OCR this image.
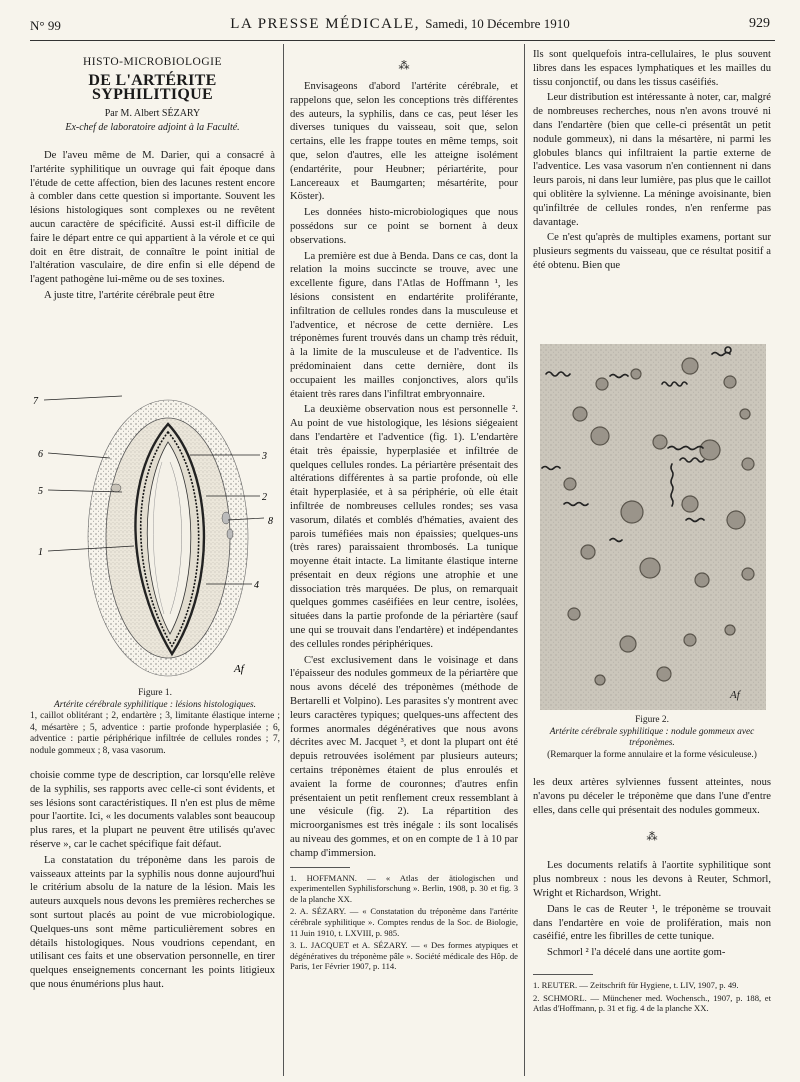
N° 99	LA PRESSE MÉDICALE, Samedi, 10 Décembre 1910	929
HISTO-MICROBIOLOGIE
DE L'ARTÉRITE SYPHILITIQUE
Par M. Albert SÉZARY
Ex-chef de laboratoire adjoint à la Faculté.

De l'aveu même de M. Darier, qui a consacré à l'artérite syphilitique un ouvrage qui fait époque dans l'étude de cette affection, bien des lacunes restent encore à combler dans cette question si importante. Souvent les lésions histologiques sont complexes ou ne revêtent aucun caractère de spécificité. Aussi est-il difficile de faire le départ entre ce qui appartient à la vérole et ce qui doit en être distrait, de connaître le point initial de l'altération vasculaire, de dire enfin si elle dépend de l'agent pathogène lui-même ou de ses toxines.

A juste titre, l'artérite cérébrale peut être

7
6
5
1
3
2
8
4
Af
Figure 1.
Artérite cérébrale syphilitique : lésions histologiques.
1, caillot oblitérant ; 2, endartère ; 3, limitante élastique interne ; 4, mésartère ; 5, adventice : partie profonde hyperplasiée ; 6, adventice : partie périphérique infiltrée de cellules rondes ; 7, nodule gommeux ; 8, vasa vasorum.

choisie comme type de description, car lorsqu'elle relève de la syphilis, ses rapports avec celle-ci sont évidents, et ses lésions sont caractéristiques. Il n'en est plus de même pour l'aortite. Ici, « les documents valables sont beaucoup plus rares, et la plupart ne peuvent être utilisés qu'avec réserve », car le cachet spécifique fait défaut.

La constatation du tréponème dans les parois de vaisseaux atteints par la syphilis nous donne aujourd'hui le critérium absolu de la nature de la lésion. Mais les auteurs auxquels nous devons les premières recherches se sont surtout placés au point de vue microbiologique. Quelques-uns sont même particulièrement sobres en détails histologiques. Nous voudrions cependant, en utilisant ces faits et une observation personnelle, en tirer quelques enseignements concernant les points litigieux que nous énumérions plus haut.

⁂

Envisageons d'abord l'artérite cérébrale, et rappelons que, selon les conceptions très différentes des auteurs, la syphilis, dans ce cas, peut léser les diverses tuniques du vaisseau, soit que, selon certains, elle les frappe toutes en même temps, soit que, selon d'autres, elle les atteigne isolément (endartérite, pour Heubner; périartérite, pour Lancereaux et Baumgarten; mésartérite, pour Köster).

Les données histo-microbiologiques que nous possédons sur ce point se bornent à deux observations.

La première est due à Benda. Dans ce cas, dont la relation la moins succincte se trouve, avec une excellente figure, dans l'Atlas de Hoffmann ¹, les lésions consistent en endartérite proliférante, infiltration de cellules rondes dans la musculeuse et l'adventice, et nécrose de cette dernière. Les tréponèmes furent trouvés dans un champ très réduit, à la limite de la musculeuse et de l'adventice. Ils prédominaient dans cette dernière, dont ils occupaient les mailles conjonctives, alors qu'ils étaient très rares dans l'infiltrat embryonnaire.

La deuxième observation nous est personnelle ². Au point de vue histologique, les lésions siégeaient dans l'endartère et l'adventice (fig. 1). L'endartère était très épaissie, hyperplasiée et infiltrée de quelques cellules rondes. La périartère présentait des altérations différentes à sa partie profonde, où elle était hyperplasiée, et à sa périphérie, où elle était infiltrée de nombreuses cellules rondes; ses vasa vasorum, dilatés et comblés d'hématies, avaient des parois tuméfiées mais non épaissies; quelques-uns (très rares) paraissaient thrombosés. La tunique moyenne était intacte. La limitante élastique interne présentait en deux régions une atrophie et une dissociation très marquées. De plus, on remarquait quelques gommes caséifiées en leur centre, isolées, situées dans la partie profonde de la périartère (sauf une qui se trouvait dans l'endartère) et indépendantes des cellules rondes périphériques.

C'est exclusivement dans le voisinage et dans l'épaisseur des nodules gommeux de la périartère que nous avons décelé des tréponèmes (méthode de Bertarelli et Volpino). Les parasites s'y montrent avec leurs caractères typiques; quelques-uns affectent des formes anormales dégénératives que nous avons décrites avec M. Jacquet ³, et dont la plupart ont été depuis retrouvées isolément par plusieurs auteurs; certains tréponèmes étaient de plus enroulés et avaient la forme de couronnes; d'autres enfin présentaient un petit renflement creux ressemblant à une vésicule (fig. 2). La répartition des microorganismes est très inégale : ils sont localisés au niveau des gommes, et on en compte de 1 à 10 par champ d'immersion.

1. HOFFMANN. — « Atlas der ätiologischen und experimentellen Syphilisforschung ». Berlin, 1908, p. 30 et fig. 3 de la planche XX.

2. A. SÉZARY. — « Constatation du tréponème dans l'artérite cérébrale syphilitique ». Comptes rendus de la Soc. de Biologie, 11 Juin 1910, t. LXVIII, p. 985.

3. L. JACQUET et A. SÉZARY. — « Des formes atypiques et dégénératives du tréponème pâle ». Société médicale des Hôp. de Paris, 1er Février 1907, p. 114.

Ils sont quelquefois intra-cellulaires, le plus souvent libres dans les espaces lymphatiques et les mailles du tissu conjonctif, ou dans les tissus caséifiés.

Leur distribution est intéressante à noter, car, malgré de nombreuses recherches, nous n'en avons trouvé ni dans l'endartère (bien que celle-ci présentât un petit nodule gommeux), ni dans la mésartère, ni parmi les globules blancs qui infiltraient la partie externe de l'adventice. Les vasa vasorum n'en contiennent ni dans leurs parois, ni dans leur lumière, pas plus que le caillot qui oblitère la sylvienne. La méninge avoisinante, bien qu'infiltrée de cellules rondes, n'en renferme pas davantage.

Ce n'est qu'après de multiples examens, portant sur plusieurs segments du vaisseau, que ce résultat positif a été obtenu. Bien que

Af
Figure 2.
Artérite cérébrale syphilitique : nodule gommeux avec tréponèmes.
(Remarquer la forme annulaire et la forme vésiculeuse.)

les deux artères sylviennes fussent atteintes, nous n'avons pu déceler le tréponème que dans l'une d'entre elles, dans celle qui présentait des nodules gommeux.

⁂

Les documents relatifs à l'aortite syphilitique sont plus nombreux : nous les devons à Reuter, Schmorl, Wright et Richardson, Wright.

Dans le cas de Reuter ¹, le tréponème se trouvait dans l'endartère en voie de prolifération, mais non caséifié, entre les fibrilles de cette tunique.

Schmorl ² l'a décelé dans une aortite gom-

1. REUTER. — Zeitschrift für Hygiene, t. LIV, 1907, p. 49.

2. SCHMORL. — Münchener med. Wochensch., 1907, p. 188, et Atlas d'Hoffmann, p. 31 et fig. 4 de la planche XX.
